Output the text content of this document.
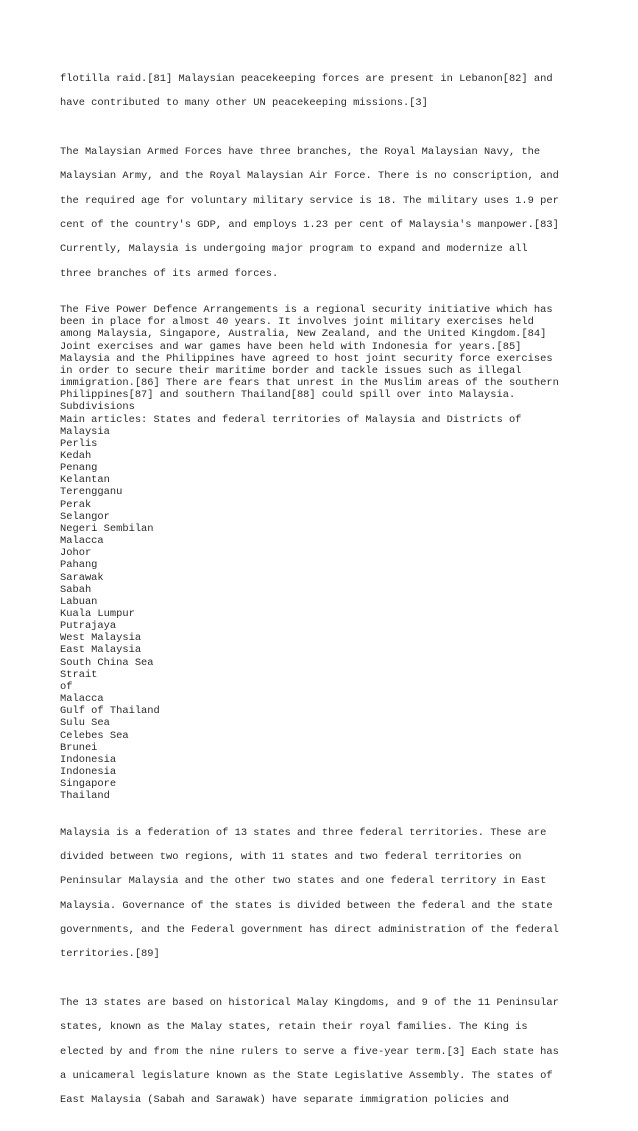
flotilla raid.[81] Malaysian peacekeeping forces are present in Lebanon[82] and

have contributed to many other UN peacekeeping missions.[3]

The Malaysian Armed Forces have three branches, the Royal Malaysian Navy, the

Malaysian Army, and the Royal Malaysian Air Force. There is no conscription, and

the required age for voluntary military service is 18. The military uses 1.9 per

cent of the country's GDP, and employs 1.23 per cent of Malaysia's manpower.[83]

Currently, Malaysia is undergoing major program to expand and modernize all

three branches of its armed forces.

The Five Power Defence Arrangements is a regional security initiative which has
been in place for almost 40 years. It involves joint military exercises held
among Malaysia, Singapore, Australia, New Zealand, and the United Kingdom.[84]
Joint exercises and war games have been held with Indonesia for years.[85]
Malaysia and the Philippines have agreed to host joint security force exercises
in order to secure their maritime border and tackle issues such as illegal
immigration.[86] There are fears that unrest in the Muslim areas of the southern
Philippines[87] and southern Thailand[88] could spill over into Malaysia.
Subdivisions
Main articles: States and federal territories of Malaysia and Districts of
Malaysia
Perlis
Kedah
Penang
Kelantan
Terengganu
Perak
Selangor
Negeri Sembilan
Malacca
Johor
Pahang
Sarawak
Sabah
Labuan
Kuala Lumpur
Putrajaya
West Malaysia
East Malaysia
South China Sea
Strait
of
Malacca
Gulf of Thailand
Sulu Sea
Celebes Sea
Brunei
Indonesia
Indonesia
Singapore
Thailand

Malaysia is a federation of 13 states and three federal territories. These are

divided between two regions, with 11 states and two federal territories on

Peninsular Malaysia and the other two states and one federal territory in East

Malaysia. Governance of the states is divided between the federal and the state

governments, and the Federal government has direct administration of the federal

territories.[89]

The 13 states are based on historical Malay Kingdoms, and 9 of the 11 Peninsular

states, known as the Malay states, retain their royal families. The King is

elected by and from the nine rulers to serve a five-year term.[3] Each state has

a unicameral legislature known as the State Legislative Assembly. The states of

East Malaysia (Sabah and Sarawak) have separate immigration policies and
